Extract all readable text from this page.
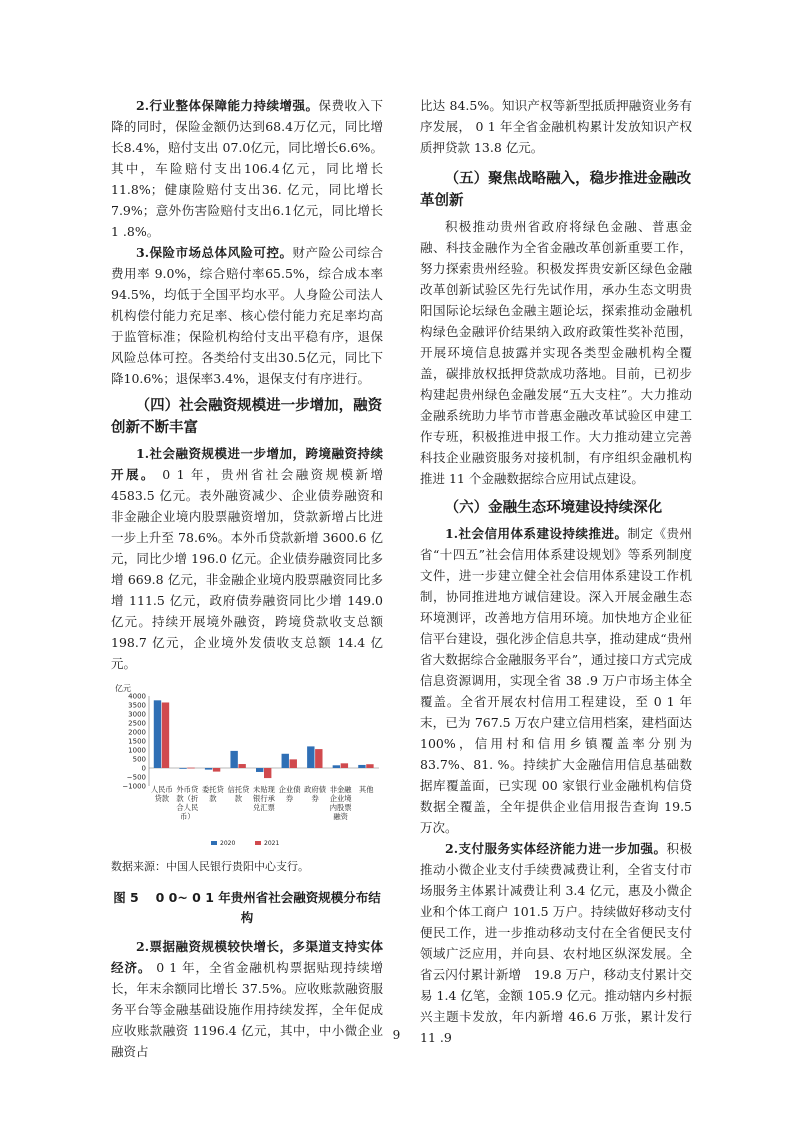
2.行业整体保障能力持续增强。保费收入下降的同时，保险金额仍达到68.4万亿元，同比增长8.4%，赔付支出 07.0亿元，同比增长6.6%。其中，车险赔付支出106.4亿元，同比增长11.8%；健康险赔付支出36. 亿元，同比增长7.9%；意外伤害险赔付支出6.1亿元，同比增长1 .8%。

3.保险市场总体风险可控。财产险公司综合费用率 9.0%，综合赔付率65.5%，综合成本率94.5%，均低于全国平均水平。人身险公司法人机构偿付能力充足率、核心偿付能力充足率均高于监管标准；保险机构给付支出平稳有序，退保风险总体可控。各类给付支出30.5亿元，同比下降10.6%；退保率3.4%，退保支付有序进行。

（四）社会融资规模进一步增加，融资创新不断丰富

1.社会融资规模进一步增加，跨境融资持续开展。 0 1 年，贵州省社会融资规模新增 4583.5 亿元。表外融资减少、企业债券融资和非金融企业境内股票融资增加，贷款新增占比进一步上升至 78.6%。本外币贷款新增 3600.6 亿元，同比少增 196.0 亿元。企业债券融资同比多增 669.8 亿元，非金融企业境内股票融资同比多增 111.5 亿元，政府债券融资同比少增 149.0 亿元。持续开展境外融资，跨境贷款收支总额 198.7 亿元，企业境外发债收支总额 14.4 亿元。

亿元
4000
3500
3000
2500
2000
1500
1000
500
0
−500
−1000 人民币
贷款
外币贷
款（折
合人民
币）
委托贷
款
信托贷
款
未贴现
银行承
兑汇票
企业债
券
政府债
券
非金融
企业境
内股票
融资
其他
2020	2021

数据来源：中国人民银行贵阳中心支行。

图 5　 0 0~ 0 1 年贵州省社会融资规模分布结构

2.票据融资规模较快增长，多渠道支持实体经济。 0 1 年，全省金融机构票据贴现持续增长，年末余额同比增长 37.5%。应收账款融资服务平台等金融基础设施作用持续发挥，全年促成应收账款融资 1196.4 亿元，其中，中小微企业融资占

比达 84.5%。知识产权等新型抵质押融资业务有序发展， 0 1 年全省金融机构累计发放知识产权质押贷款 13.8 亿元。

（五）聚焦战略融入，稳步推进金融改革创新

积极推动贵州省政府将绿色金融、普惠金融、科技金融作为全省金融改革创新重要工作，努力探索贵州经验。积极发挥贵安新区绿色金融改革创新试验区先行先试作用，承办生态文明贵阳国际论坛绿色金融主题论坛，探索推动金融机构绿色金融评价结果纳入政府政策性奖补范围，开展环境信息披露并实现各类型金融机构全覆盖，碳排放权抵押贷款成功落地。目前，已初步构建起贵州绿色金融发展“五大支柱”。大力推动金融系统助力毕节市普惠金融改革试验区申建工作专班，积极推进申报工作。大力推动建立完善科技企业融资服务对接机制，有序组织金融机构推进 11 个金融数据综合应用试点建设。

（六）金融生态环境建设持续深化

1.社会信用体系建设持续推进。制定《贵州省“十四五”社会信用体系建设规划》等系列制度文件，进一步建立健全社会信用体系建设工作机制，协同推进地方诚信建设。深入开展金融生态环境测评，改善地方信用环境。加快地方企业征信平台建设，强化涉企信息共享，推动建成“贵州省大数据综合金融服务平台”，通过接口方式完成信息资源调用，实现全省 38 .9 万户市场主体全覆盖。全省开展农村信用工程建设，至 0 1 年末，已为 767.5 万农户建立信用档案，建档面达 100%，信用村和信用乡镇覆盖率分别为 83.7%、81. %。持续扩大金融信用信息基础数据库覆盖面，已实现 00 家银行业金融机构信贷数据全覆盖，全年提供企业信用报告查询 19.5 万次。

2.支付服务实体经济能力进一步加强。积极推动小微企业支付手续费减费让利，全省支付市场服务主体累计减费让利 3.4 亿元，惠及小微企业和个体工商户 101.5 万户。持续做好移动支付便民工作，进一步推动移动支付在全省便民支付领域广泛应用，并向县、农村地区纵深发展。全省云闪付累计新增　19.8 万户，移动支付累计交易 1.4 亿笔，金额 105.9 亿元。推动辖内乡村振兴主题卡发放，年内新增 46.6 万张，累计发行 11 .9

9
